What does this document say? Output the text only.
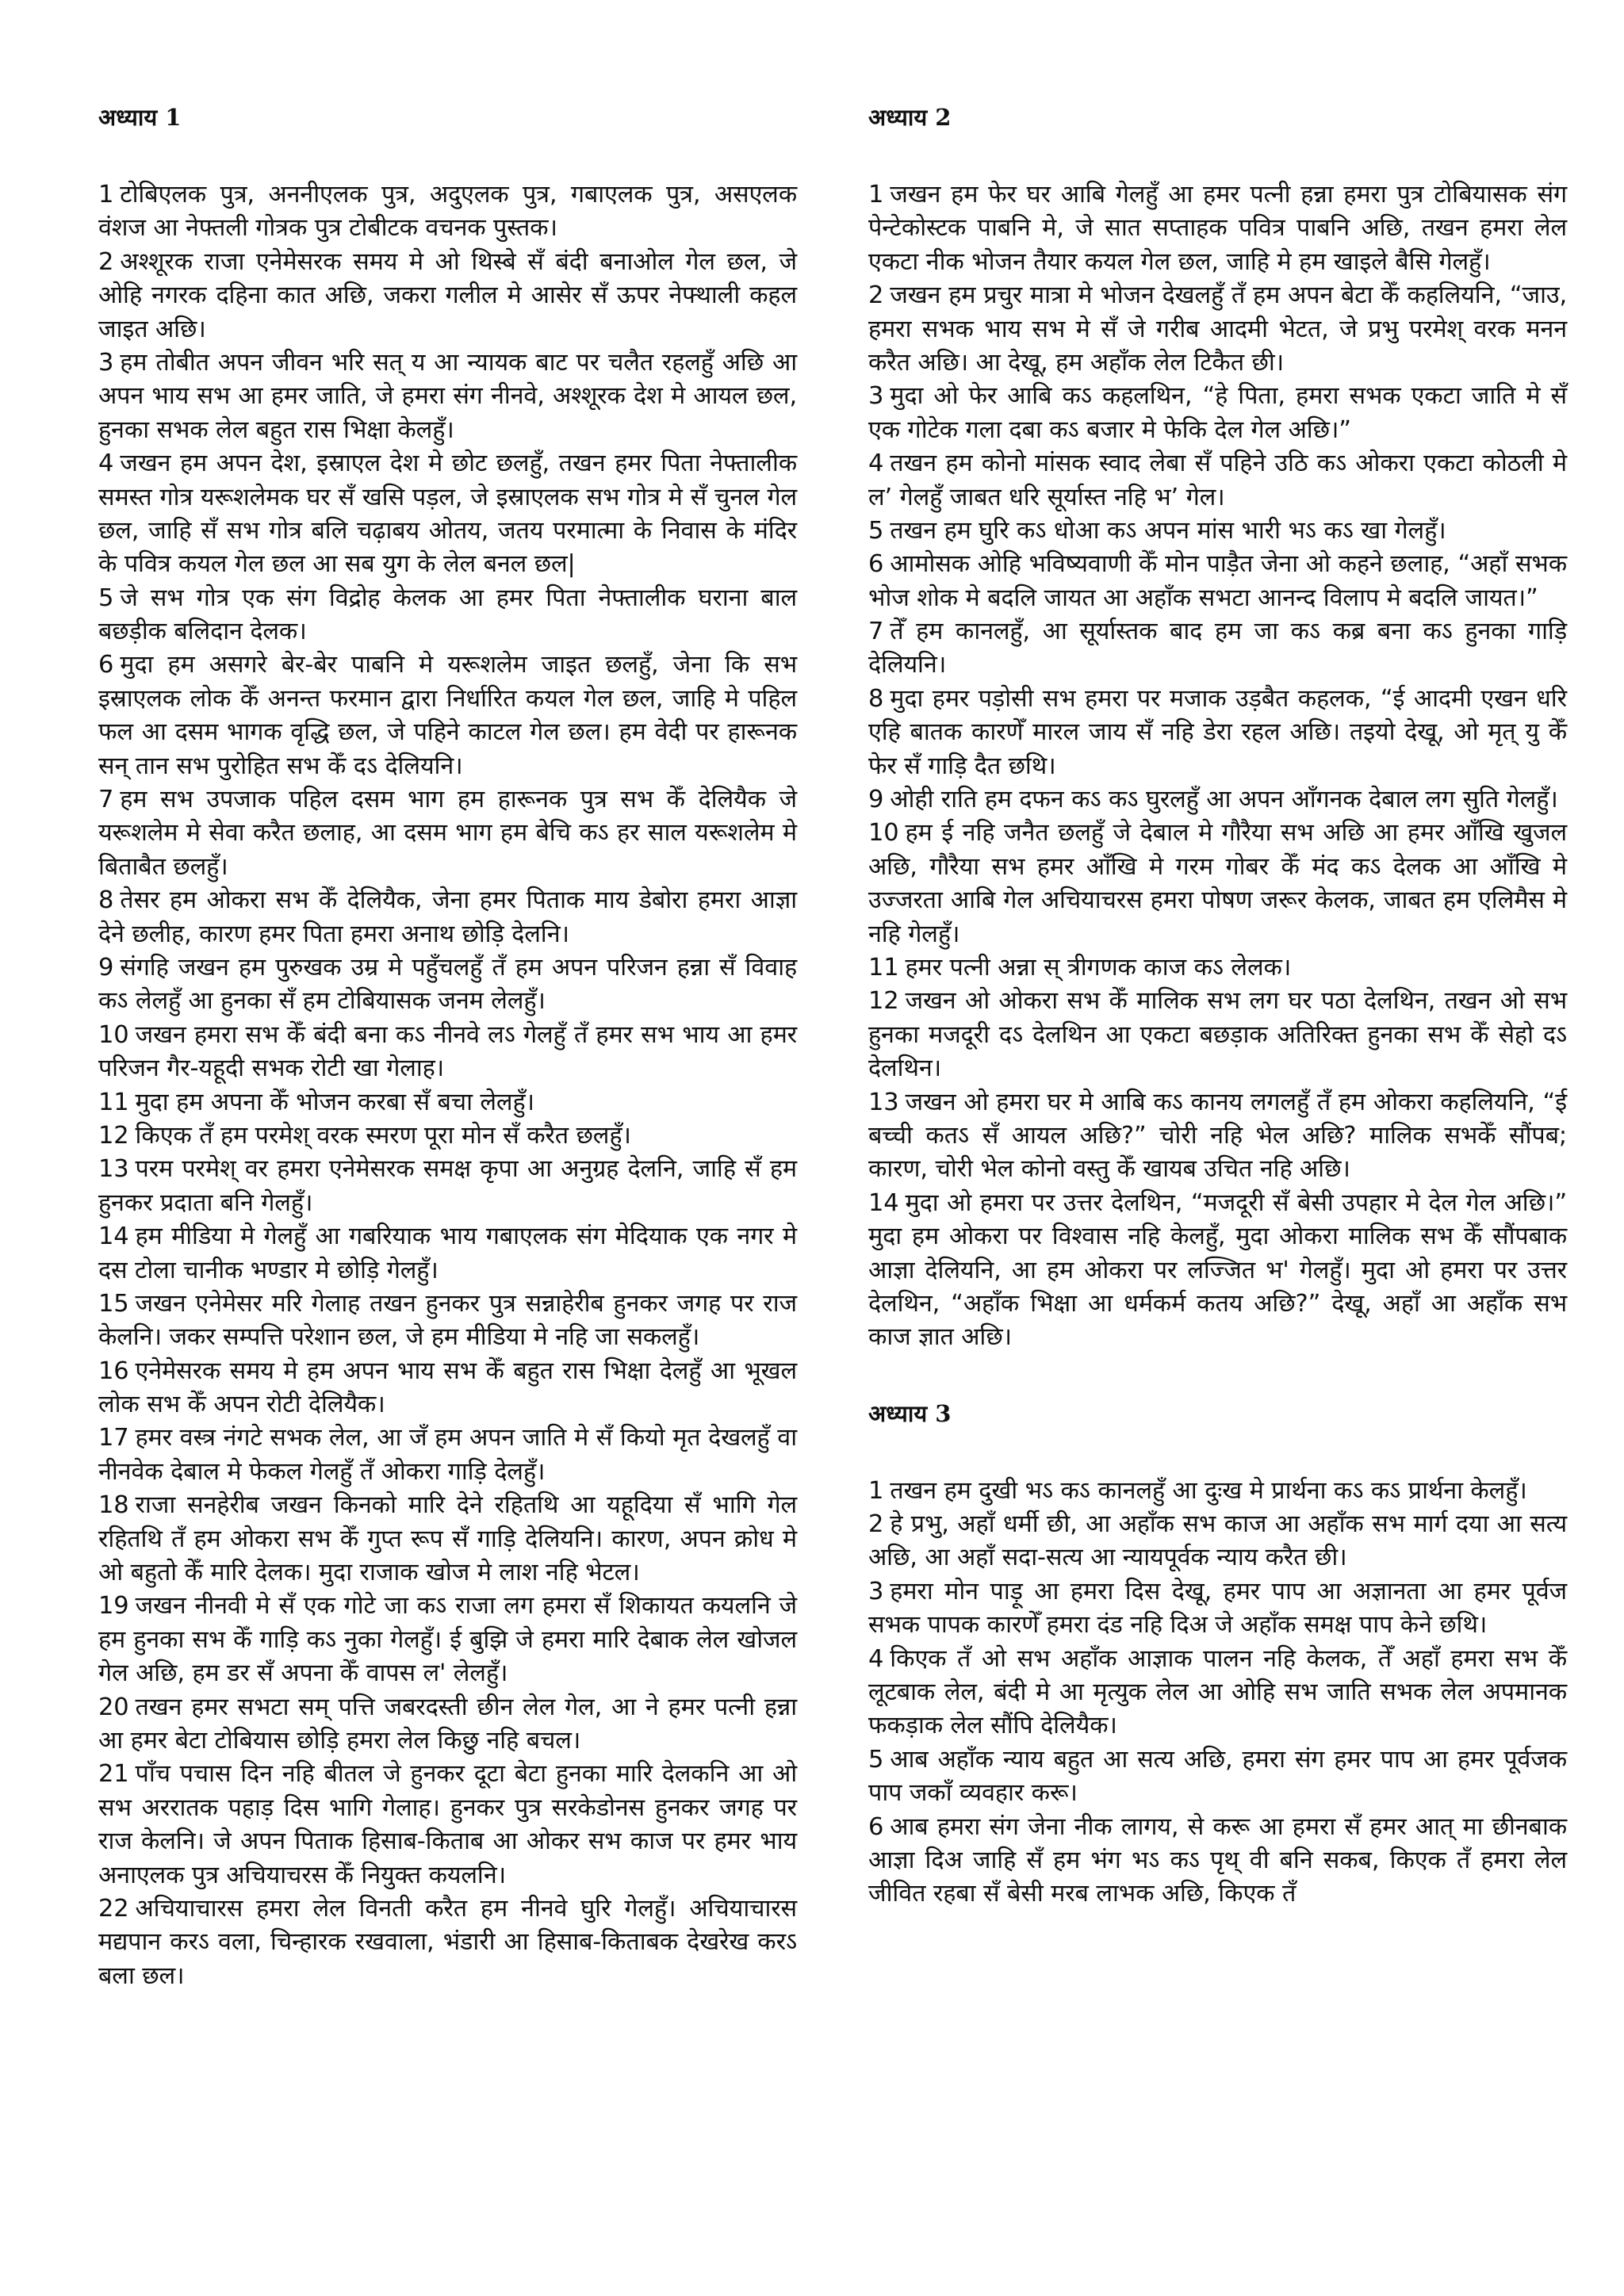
अध्याय 1

1 टोबिएलक पुत्र, अननीएलक पुत्र, अदुएलक पुत्र, गबाएलक पुत्र, असएलक वंशज आ नेफ्तली गोत्रक पुत्र टोबीटक वचनक पुस्तक।

2 अश्शूरक राजा एनेमेसरक समय मे ओ थिस्बे सँ बंदी बनाओल गेल छल, जे ओहि नगरक दहिना कात अछि, जकरा गलील मे आसेर सँ ऊपर नेफ्थाली कहल जाइत अछि।

3 हम तोबीत अपन जीवन भरि सत्‌ य आ न्यायक बाट पर चलैत रहलहुँ अछि आ अपन भाय सभ आ हमर जाति, जे हमरा संग नीनवे, अश्शूरक देश मे आयल छल, हुनका सभक लेल बहुत रास भिक्षा केलहुँ।

4 जखन हम अपन देश, इस्राएल देश मे छोट छलहुँ, तखन हमर पिता नेफ्तालीक समस्त गोत्र यरूशलेमक घर सँ खसि पड़ल, जे इस्राएलक सभ गोत्र मे सँ चुनल गेल छल, जाहि सँ सभ गोत्र बलि चढ़ाबय ओतय, जतय परमात्मा के निवास के मंदिर के पवित्र कयल गेल छल आ सब युग के लेल बनल छल|

5 जे सभ गोत्र एक संग विद्रोह केलक आ हमर पिता नेफ्तालीक घराना बाल बछड़ीक बलिदान देलक।

6 मुदा हम असगरे बेर-बेर पाबनि मे यरूशलेम जाइत छलहुँ, जेना कि सभ इस्राएलक लोक केँ अनन्त फरमान द्वारा निर्धारित कयल गेल छल, जाहि मे पहिल फल आ दसम भागक वृद्धि छल, जे पहिने काटल गेल छल। हम वेदी पर हारूनक सन्‌ तान सभ पुरोहित सभ केँ दऽ देलियनि।

7 हम सभ उपजाक पहिल दसम भाग हम हारूनक पुत्र सभ केँ देलियैक जे यरूशलेम मे सेवा करैत छलाह, आ दसम भाग हम बेचि कऽ हर साल यरूशलेम मे बिताबैत छलहुँ।

8 तेसर हम ओकरा सभ केँ देलियैक, जेना हमर पिताक माय डेबोरा हमरा आज्ञा देने छलीह, कारण हमर पिता हमरा अनाथ छोड़ि देलनि।

9 संगहि जखन हम पुरुखक उम्र मे पहुँचलहुँ तँ हम अपन परिजन हन्ना सँ विवाह कऽ लेलहुँ आ हुनका सँ हम टोबियासक जनम लेलहुँ।

10 जखन हमरा सभ केँ बंदी बना कऽ नीनवे लऽ गेलहुँ तँ हमर सभ भाय आ हमर परिजन गैर-यहूदी सभक रोटी खा गेलाह।

11 मुदा हम अपना केँ भोजन करबा सँ बचा लेलहुँ।

12 किएक तँ हम परमेश्‌ वरक स्मरण पूरा मोन सँ करैत छलहुँ।

13 परम परमेश्‌ वर हमरा एनेमेसरक समक्ष कृपा आ अनुग्रह देलनि, जाहि सँ हम हुनकर प्रदाता बनि गेलहुँ।

14 हम मीडिया मे गेलहुँ आ गबरियाक भाय गबाएलक संग मेदियाक एक नगर मे दस टोला चानीक भण्डार मे छोड़ि गेलहुँ।

15 जखन एनेमेसर मरि गेलाह तखन हुनकर पुत्र सन्नाहेरीब हुनकर जगह पर राज केलनि। जकर सम्पत्ति परेशान छल, जे हम मीडिया मे नहि जा सकलहुँ।

16 एनेमेसरक समय मे हम अपन भाय सभ केँ बहुत रास भिक्षा देलहुँ आ भूखल लोक सभ केँ अपन रोटी देलियैक।

17 हमर वस्त्र नंगटे सभक लेल, आ जँ हम अपन जाति मे सँ कियो मृत देखलहुँ वा नीनवेक देबाल मे फेकल गेलहुँ तँ ओकरा गाड़ि देलहुँ।

18 राजा सनहेरीब जखन किनको मारि देने रहितथि आ यहूदिया सँ भागि गेल रहितथि तँ हम ओकरा सभ केँ गुप्त रूप सँ गाड़ि देलियनि। कारण, अपन क्रोध मे ओ बहुतो केँ मारि देलक। मुदा राजाक खोज मे लाश नहि भेटल।

19 जखन नीनवी मे सँ एक गोटे जा कऽ राजा लग हमरा सँ शिकायत कयलनि जे हम हुनका सभ केँ गाड़ि कऽ नुका गेलहुँ। ई बुझि जे हमरा मारि देबाक लेल खोजल गेल अछि, हम डर सँ अपना केँ वापस ल' लेलहुँ।

20 तखन हमर सभटा सम्‌ पत्ति जबरदस्ती छीन लेल गेल, आ ने हमर पत्नी हन्ना आ हमर बेटा टोबियास छोड़ि हमरा लेल किछु नहि बचल।

21 पाँच पचास दिन नहि बीतल जे हुनकर दूटा बेटा हुनका मारि देलकनि आ ओ सभ अररातक पहाड़ दिस भागि गेलाह। हुनकर पुत्र सरकेडोनस हुनकर जगह पर राज केलनि। जे अपन पिताक हिसाब-किताब आ ओकर सभ काज पर हमर भाय अनाएलक पुत्र अचियाचरस केँ नियुक्त कयलनि।

22 अचियाचारस हमरा लेल विनती करैत हम नीनवे घुरि गेलहुँ। अचियाचारस मद्यपान करऽ वला, चिन्हारक रखवाला, भंडारी आ हिसाब-किताबक देखरेख करऽ बला छल।

अध्याय 2

1 जखन हम फेर घर आबि गेलहुँ आ हमर पत्नी हन्ना हमरा पुत्र टोबियासक संग पेन्टेकोस्टक पाबनि मे, जे सात सप्ताहक पवित्र पाबनि अछि, तखन हमरा लेल एकटा नीक भोजन तैयार कयल गेल छल, जाहि मे हम खाइले बैसि गेलहुँ।

2 जखन हम प्रचुर मात्रा मे भोजन देखलहुँ तँ हम अपन बेटा केँ कहलियनि, “जाउ, हमरा सभक भाय सभ मे सँ जे गरीब आदमी भेटत, जे प्रभु परमेश्‌ वरक मनन करैत अछि। आ देखू, हम अहाँक लेल टिकैत छी।

3 मुदा ओ फेर आबि कऽ कहलथिन, “हे पिता, हमरा सभक एकटा जाति मे सँ एक गोटेक गला दबा कऽ बजार मे फेकि देल गेल अछि।”

4 तखन हम कोनो मांसक स्वाद लेबा सँ पहिने उठि कऽ ओकरा एकटा कोठली मे ल’ गेलहुँ जाबत धरि सूर्यास्त नहि भ’ गेल।

5 तखन हम घुरि कऽ धोआ कऽ अपन मांस भारी भऽ कऽ खा गेलहुँ।

6 आमोसक ओहि भविष्यवाणी केँ मोन पाड़ैत जेना ओ कहने छलाह, “अहाँ सभक भोज शोक मे बदलि जायत आ अहाँक सभटा आनन्द विलाप मे बदलि जायत।”

7 तेँ हम कानलहुँ, आ सूर्यास्तक बाद हम जा कऽ कब्र बना कऽ हुनका गाड़ि देलियनि।

8 मुदा हमर पड़ोसी सभ हमरा पर मजाक उड़बैत कहलक, “ई आदमी एखन धरि एहि बातक कारणेँ मारल जाय सँ नहि डेरा रहल अछि। तइयो देखू, ओ मृत्‌ यु केँ फेर सँ गाड़ि दैत छथि।

9 ओही राति हम दफन कऽ कऽ घुरलहुँ आ अपन आँगनक देबाल लग सुति गेलहुँ।

10 हम ई नहि जनैत छलहुँ जे देबाल मे गौरैया सभ अछि आ हमर आँखि खुजल अछि, गौरैया सभ हमर आँखि मे गरम गोबर केँ मंद कऽ देलक आ आँखि मे उज्जरता आबि गेल अचियाचरस हमरा पोषण जरूर केलक, जाबत हम एलिमैस मे नहि गेलहुँ।

11 हमर पत्नी अन्ना स्‌ त्रीगणक काज कऽ लेलक।

12 जखन ओ ओकरा सभ केँ मालिक सभ लग घर पठा देलथिन, तखन ओ सभ हुनका मजदूरी दऽ देलथिन आ एकटा बछड़ाक अतिरिक्त हुनका सभ केँ सेहो दऽ देलथिन।

13 जखन ओ हमरा घर मे आबि कऽ कानय लगलहुँ तँ हम ओकरा कहलियनि, “ई बच्ची कतऽ सँ आयल अछि?” चोरी नहि भेल अछि? मालिक सभकेँ सौंपब; कारण, चोरी भेल कोनो वस्तु केँ खायब उचित नहि अछि।

14 मुदा ओ हमरा पर उत्तर देलथिन, “मजदूरी सँ बेसी उपहार मे देल गेल अछि।” मुदा हम ओकरा पर विश्वास नहि केलहुँ, मुदा ओकरा मालिक सभ केँ सौंपबाक आज्ञा देलियनि, आ हम ओकरा पर लज्जित भ' गेलहुँ। मुदा ओ हमरा पर उत्तर देलथिन, “अहाँक भिक्षा आ धर्मकर्म कतय अछि?” देखू, अहाँ आ अहाँक सभ काज ज्ञात अछि।

अध्याय 3

1 तखन हम दुखी भऽ कऽ कानलहुँ आ दुःख मे प्रार्थना कऽ कऽ प्रार्थना केलहुँ।

2 हे प्रभु, अहाँ धर्मी छी, आ अहाँक सभ काज आ अहाँक सभ मार्ग दया आ सत्य अछि, आ अहाँ सदा-सत्य आ न्यायपूर्वक न्याय करैत छी।

3 हमरा मोन पाड़ू आ हमरा दिस देखू, हमर पाप आ अज्ञानता आ हमर पूर्वज सभक पापक कारणेँ हमरा दंड नहि दिअ जे अहाँक समक्ष पाप केने छथि।

4 किएक तँ ओ सभ अहाँक आज्ञाक पालन नहि केलक, तेँ अहाँ हमरा सभ केँ लूटबाक लेल, बंदी मे आ मृत्युक लेल आ ओहि सभ जाति सभक लेल अपमानक फकड़ाक लेल सौंपि देलियैक।

5 आब अहाँक न्याय बहुत आ सत्य अछि, हमरा संग हमर पाप आ हमर पूर्वजक पाप जकाँ व्यवहार करू।

6 आब हमरा संग जेना नीक लागय, से करू आ हमरा सँ हमर आत्‌ मा छीनबाक आज्ञा दिअ जाहि सँ हम भंग भऽ कऽ पृथ्‌ वी बनि सकब, किएक तँ हमरा लेल जीवित रहबा सँ बेसी मरब लाभक अछि, किएक तँ
